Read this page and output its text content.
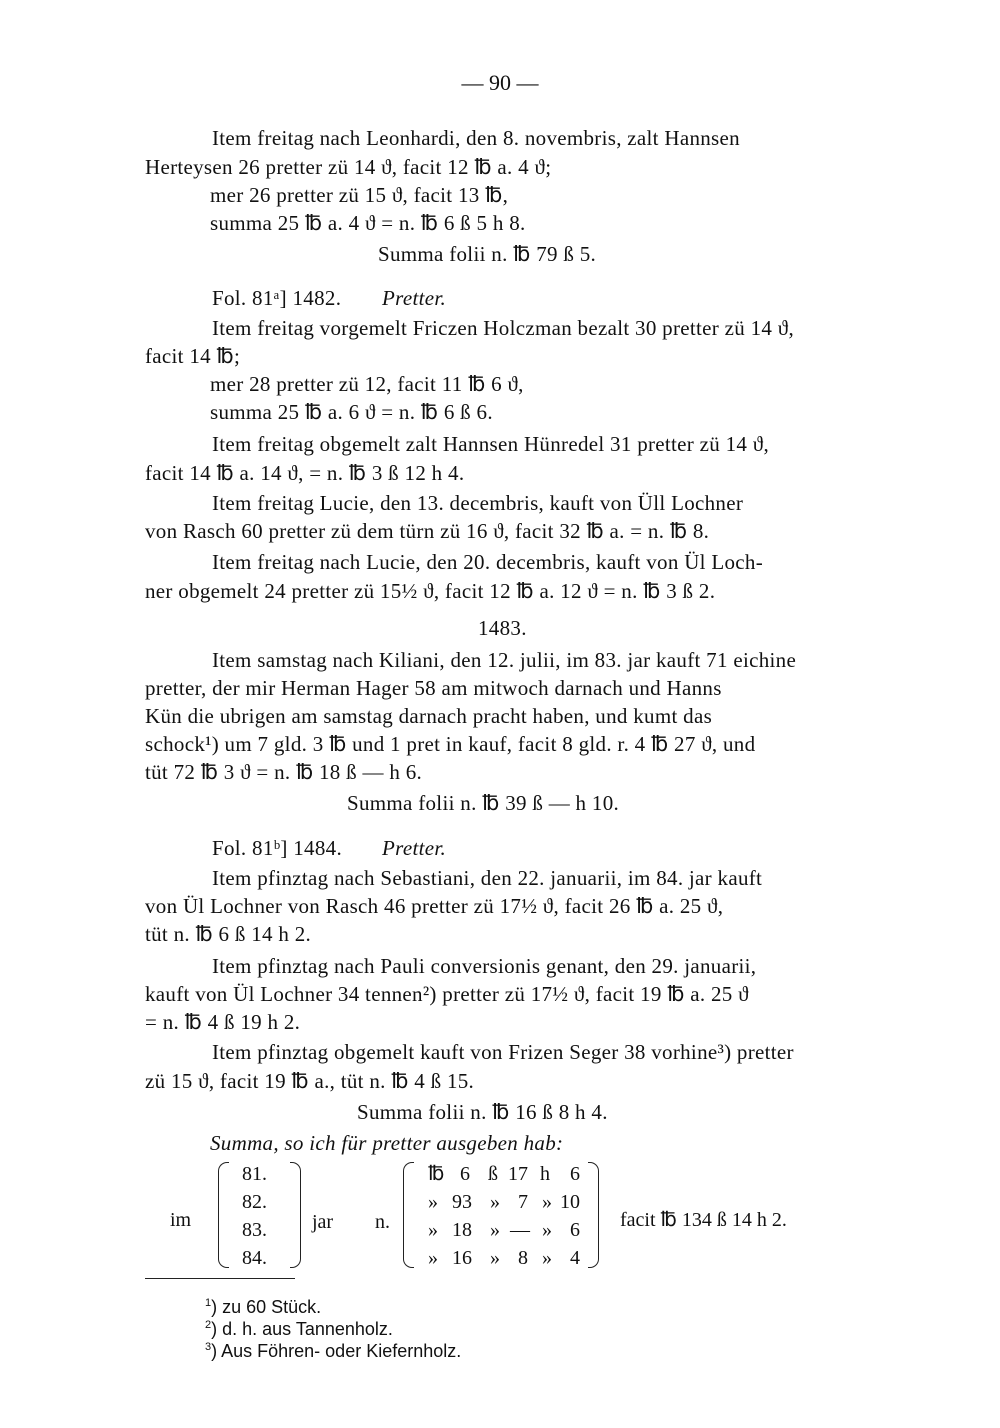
— 90 —
Item freitag nach Leonhardi, den 8. novembris, zalt Hannsen
Herteysen 26 pretter zü 14 ϑ, facit 12 ℔ a. 4 ϑ;
mer 26 pretter zü 15 ϑ, facit 13 ℔,
summa 25 ℔ a. 4 ϑ = n. ℔ 6 ß 5 h 8.
Summa folii n. ℔ 79 ß 5.
Fol. 81ᵃ] 1482. Pretter.
Item freitag vorgemelt Friczen Holczman bezalt 30 pretter zü 14 ϑ,
facit 14 ℔;
mer 28 pretter zü 12, facit 11 ℔ 6 ϑ,
summa 25 ℔ a. 6 ϑ = n. ℔ 6 ß 6.
Item freitag obgemelt zalt Hannsen Hünredel 31 pretter zü 14 ϑ,
facit 14 ℔ a. 14 ϑ, = n. ℔ 3 ß 12 h 4.
Item freitag Lucie, den 13. decembris, kauft von Üll Lochner
von Rasch 60 pretter zü dem türn zü 16 ϑ, facit 32 ℔ a. = n. ℔ 8.
Item freitag nach Lucie, den 20. decembris, kauft von Ül Loch-
ner obgemelt 24 pretter zü 15½ ϑ, facit 12 ℔ a. 12 ϑ = n. ℔ 3 ß 2.
1483.
Item samstag nach Kiliani, den 12. julii, im 83. jar kauft 71 eichine
pretter, der mir Herman Hager 58 am mitwoch darnach und Hanns
Kün die ubrigen am samstag darnach pracht haben, und kumt das
schock¹) um 7 gld. 3 ℔ und 1 pret in kauf, facit 8 gld. r. 4 ℔ 27 ϑ, und
tüt 72 ℔ 3 ϑ = n. ℔ 18 ß — h 6.
Summa folii n. ℔ 39 ß — h 10.
Fol. 81ᵇ] 1484. Pretter.
Item pfinztag nach Sebastiani, den 22. januarii, im 84. jar kauft
von Ül Lochner von Rasch 46 pretter zü 17½ ϑ, facit 26 ℔ a. 25 ϑ,
tüt n. ℔ 6 ß 14 h 2.
Item pfinztag nach Pauli conversionis genant, den 29. januarii,
kauft von Ül Lochner 34 tennen²) pretter zü 17½ ϑ, facit 19 ℔ a. 25 ϑ
= n. ℔ 4 ß 19 h 2.
Item pfinztag obgemelt kauft von Frizen Seger 38 vorhine³) pretter
zü 15 ϑ, facit 19 ℔ a., tüt n. ℔ 4 ß 15.
Summa folii n. ℔ 16 ß 8 h 4.
Summa, so ich für pretter ausgeben hab:
im
81.
82.
83.
84.
jar n.
℔ 6 ß 17 h 6
» 93 » 7 » 10
» 18 » — » 6
» 16 » 8 » 4
facit ℔ 134 ß 14 h 2.
$^1$) zu 60 Stück.
$^2$) d. h. aus Tannenholz.
$^3$) Aus Föhren- oder Kiefernholz.
